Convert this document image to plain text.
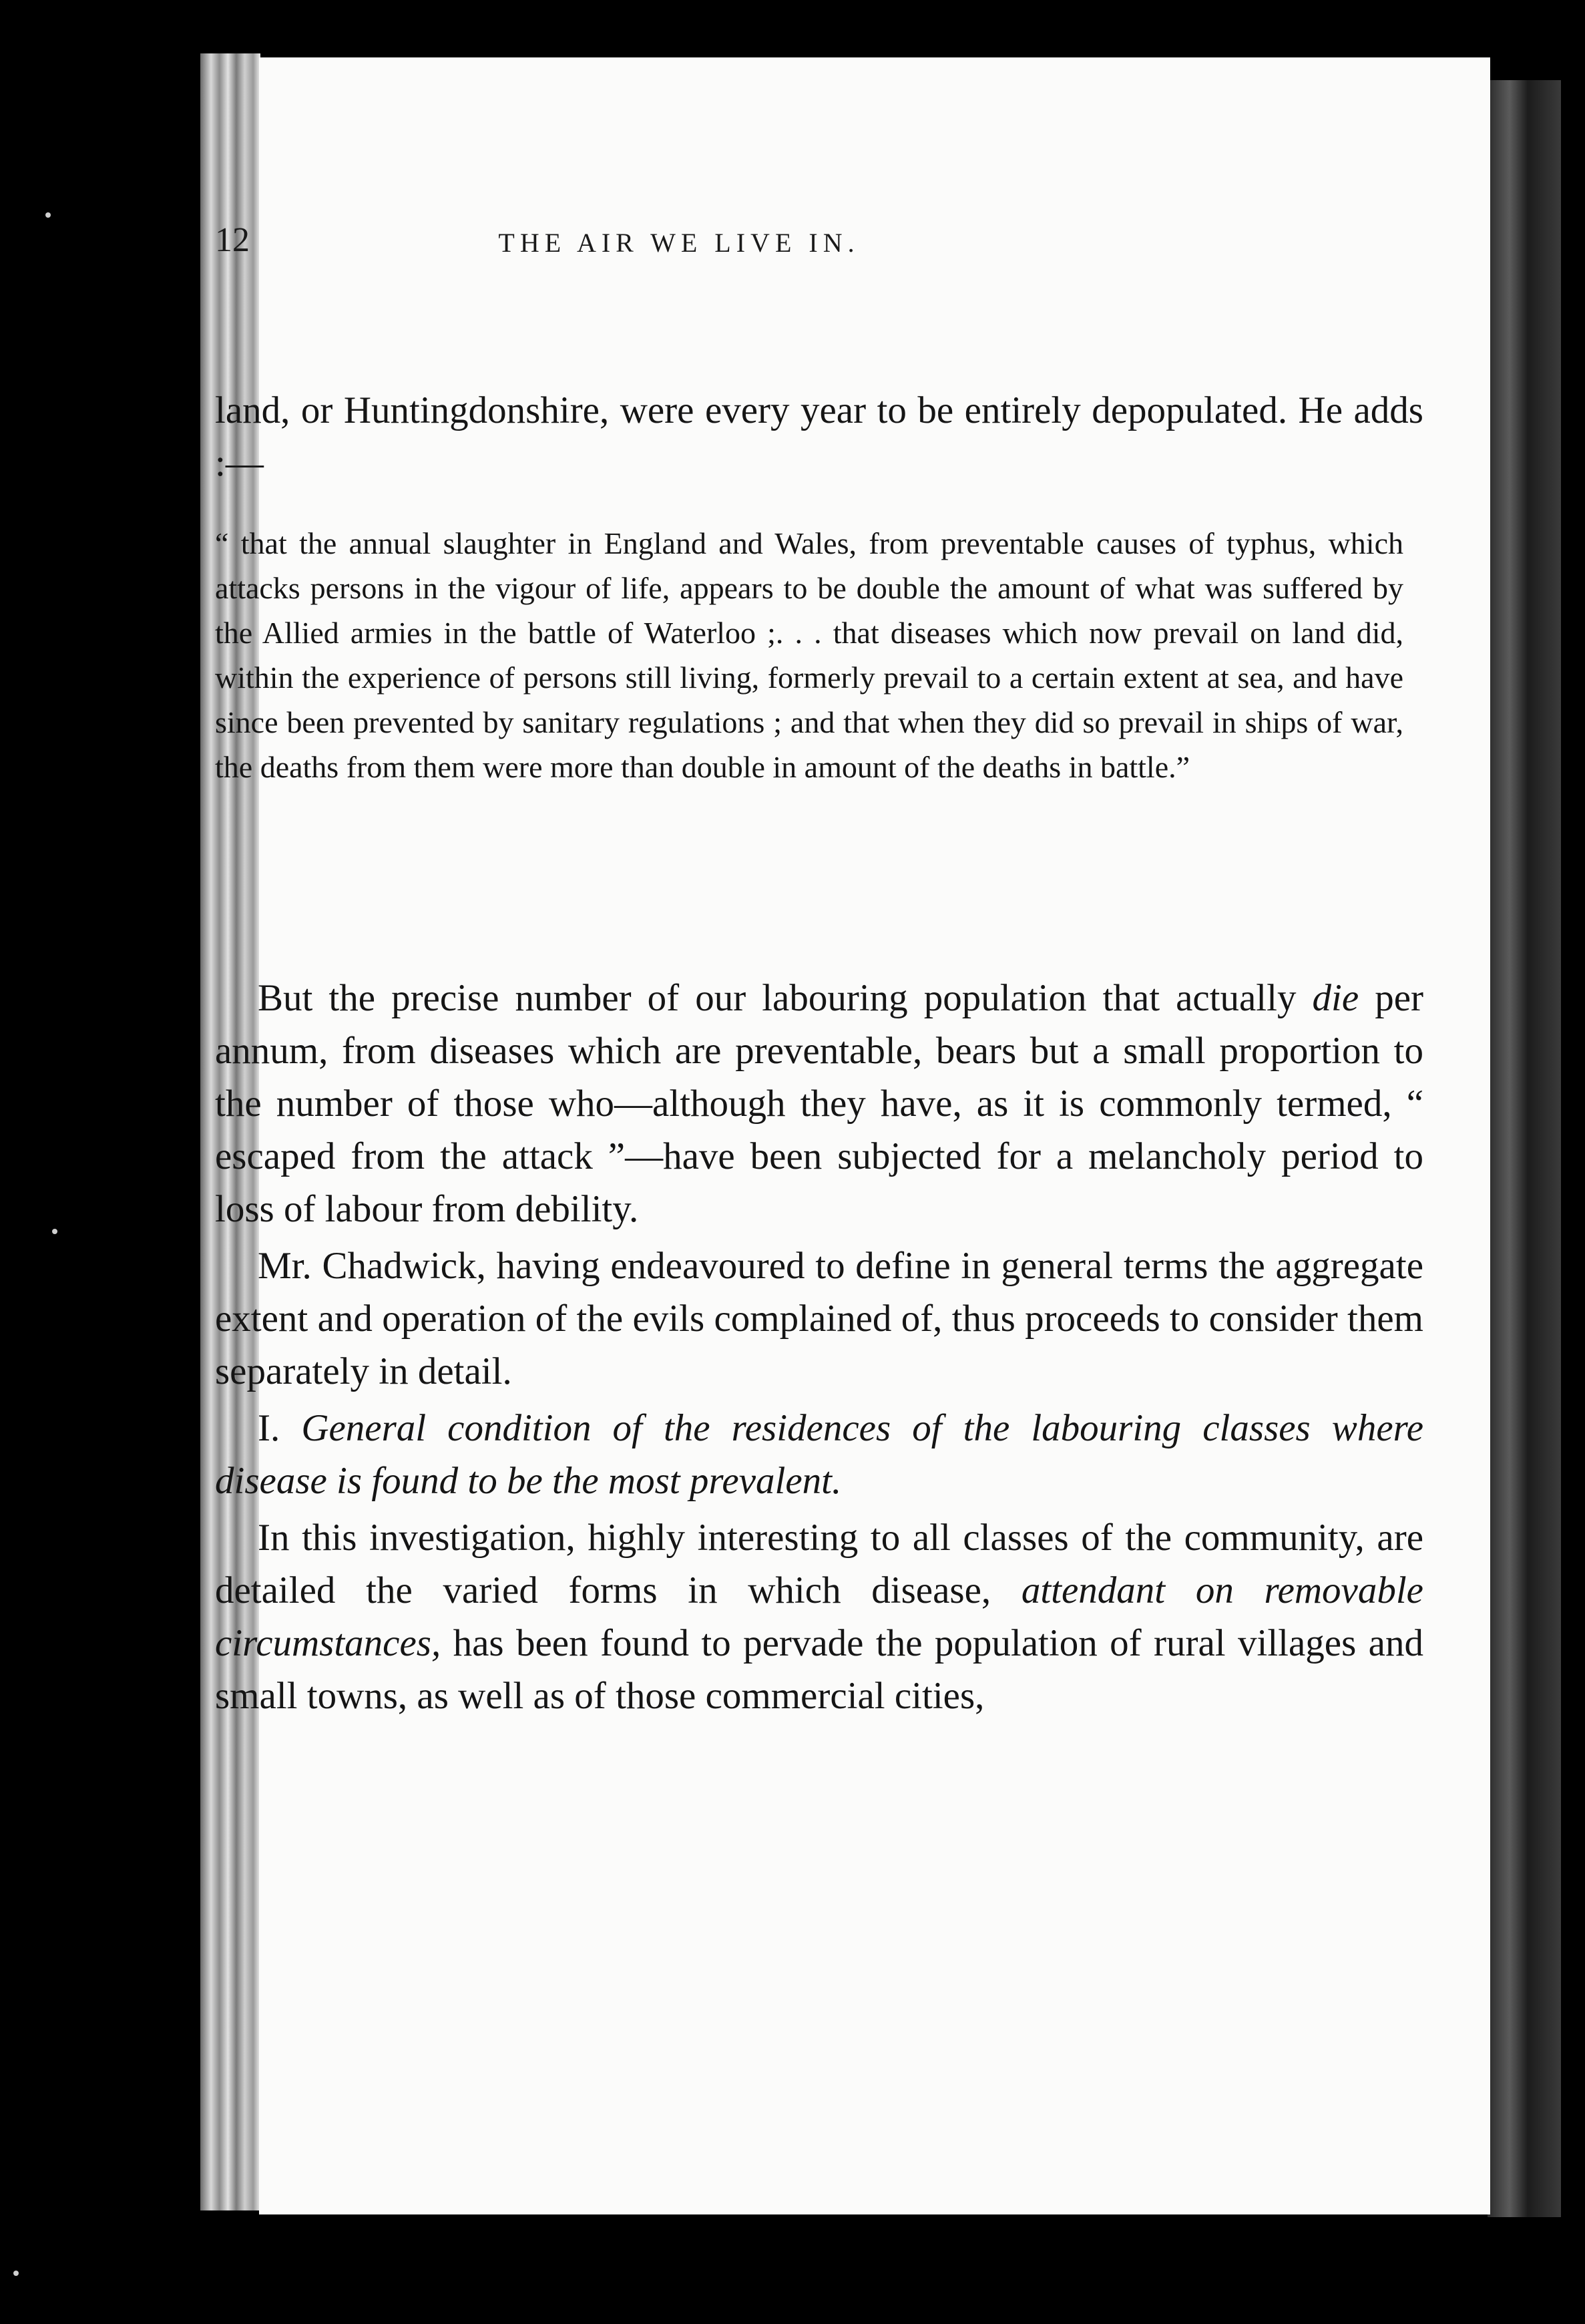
12	THE AIR WE LIVE IN.

land, or Huntingdonshire, were every year to be entirely depopulated. He adds :—

“ that the annual slaughter in England and Wales, from preventable causes of typhus, which attacks persons in the vigour of life, appears to be double the amount of what was suffered by the Allied armies in the battle of Waterloo ;. . . that diseases which now prevail on land did, within the experience of persons still living, formerly prevail to a certain extent at sea, and have since been prevented by sanitary regulations ; and that when they did so prevail in ships of war, the deaths from them were more than double in amount of the deaths in battle.”

But the precise number of our labouring population that actually die per annum, from diseases which are preventable, bears but a small proportion to the number of those who—although they have, as it is commonly termed, “ escaped from the attack ”—have been subjected for a melancholy period to loss of labour from debility.

Mr. Chadwick, having endeavoured to define in general terms the aggregate extent and operation of the evils complained of, thus proceeds to consider them separately in detail.

I. General condition of the residences of the labouring classes where disease is found to be the most prevalent.

In this investigation, highly interesting to all classes of the community, are detailed the varied forms in which disease, attendant on removable circumstances, has been found to pervade the population of rural villages and small towns, as well as of those commercial cities,
